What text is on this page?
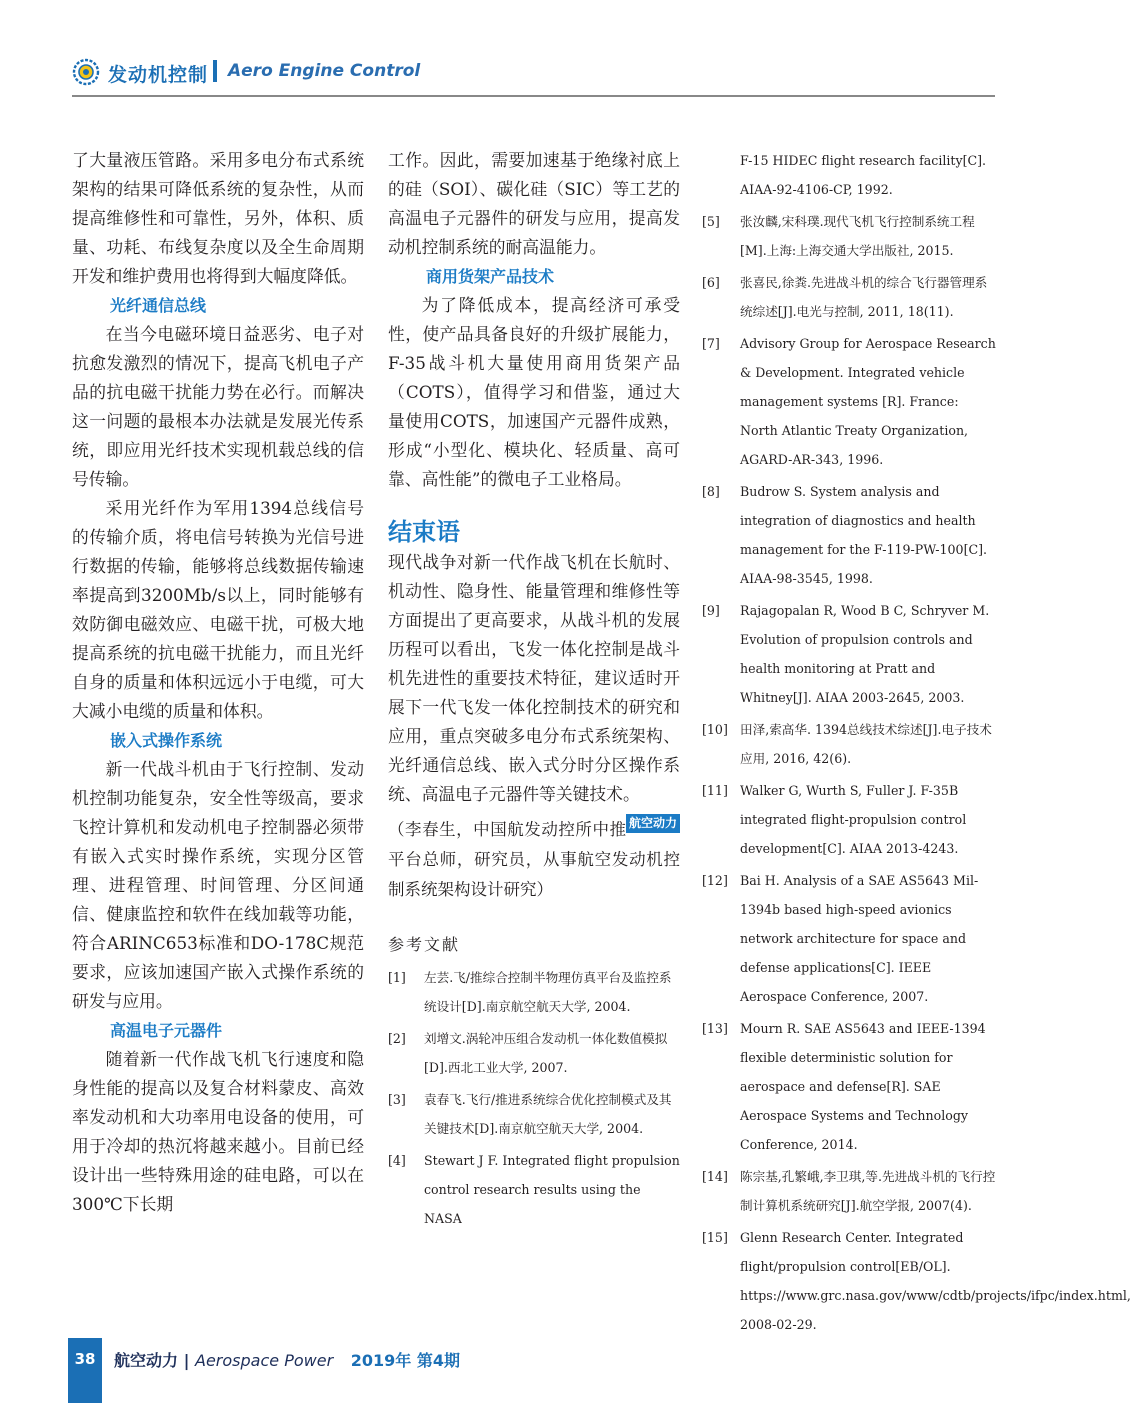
发动机控制 Aero Engine Control

了大量液压管路。采用多电分布式系统架构的结果可降低系统的复杂性，从而提高维修性和可靠性，另外，体积、质量、功耗、布线复杂度以及全生命周期开发和维护费用也将得到大幅度降低。

光纤通信总线

在当今电磁环境日益恶劣、电子对抗愈发激烈的情况下，提高飞机电子产品的抗电磁干扰能力势在必行。而解决这一问题的最根本办法就是发展光传系统，即应用光纤技术实现机载总线的信号传输。

采用光纤作为军用1394总线信号的传输介质，将电信号转换为光信号进行数据的传输，能够将总线数据传输速率提高到3200Mb/s以上，同时能够有效防御电磁效应、电磁干扰，可极大地提高系统的抗电磁干扰能力，而且光纤自身的质量和体积远远小于电缆，可大大减小电缆的质量和体积。

嵌入式操作系统

新一代战斗机由于飞行控制、发动机控制功能复杂，安全性等级高，要求飞控计算机和发动机电子控制器必须带有嵌入式实时操作系统，实现分区管理、进程管理、时间管理、分区间通信、健康监控和软件在线加载等功能，符合ARINC653标准和DO-178C规范要求，应该加速国产嵌入式操作系统的研发与应用。

高温电子元器件

随着新一代作战飞机飞行速度和隐身性能的提高以及复合材料蒙皮、高效率发动机和大功率用电设备的使用，可用于冷却的热沉将越来越小。目前已经设计出一些特殊用途的硅电路，可以在300℃下长期

工作。因此，需要加速基于绝缘衬底上的硅（SOI）、碳化硅（SIC）等工艺的高温电子元器件的研发与应用，提高发动机控制系统的耐高温能力。

商用货架产品技术

为了降低成本，提高经济可承受性，使产品具备良好的升级扩展能力，F-35战斗机大量使用商用货架产品（COTS），值得学习和借鉴，通过大量使用COTS，加速国产元器件成熟，形成“小型化、模块化、轻质量、高可靠、高性能”的微电子工业格局。

结束语

现代战争对新一代作战飞机在长航时、机动性、隐身性、能量管理和维修性等方面提出了更高要求，从战斗机的发展历程可以看出，飞发一体化控制是战斗机先进性的重要技术特征，建议适时开展下一代飞发一体化控制技术的研究和应用，重点突破多电分布式系统架构、光纤通信总线、嵌入式分时分区操作系统、高温电子元器件等关键技术。
航空动力

（李春生，中国航发动控所中推平台总师，研究员，从事航空发动机控制系统架构设计研究）

参考文献

[1] 左芸.飞/推综合控制半物理仿真平台及监控系统设计[D].南京航空航天大学, 2004.
[2] 刘增文.涡轮冲压组合发动机一体化数值模拟[D].西北工业大学, 2007.
[3] 袁春飞.飞行/推进系统综合优化控制模式及其关键技术[D].南京航空航天大学, 2004.
[4] Stewart J F. Integrated flight propulsion control research results using the NASA
F-15 HIDEC flight research facility[C]. AIAA-92-4106-CP, 1992.
[5] 张汝麟,宋科璞.现代飞机飞行控制系统工程[M].上海:上海交通大学出版社, 2015.
[6] 张喜民,徐粪.先进战斗机的综合飞行器管理系统综述[J].电光与控制, 2011, 18(11).
[7] Advisory Group for Aerospace Research & Development. Integrated vehicle management systems [R]. France: North Atlantic Treaty Organization, AGARD-AR-343, 1996.
[8] Budrow S. System analysis and integration of diagnostics and health management for the F-119-PW-100[C]. AIAA-98-3545, 1998.
[9] Rajagopalan R, Wood B C, Schryver M. Evolution of propulsion controls and health monitoring at Pratt and Whitney[J]. AIAA 2003-2645, 2003.
[10] 田泽,索高华. 1394总线技术综述[J].电子技术应用, 2016, 42(6).
[11] Walker G, Wurth S, Fuller J. F-35B integrated flight-propulsion control development[C]. AIAA 2013-4243.
[12] Bai H. Analysis of a SAE AS5643 Mil-1394b based high-speed avionics network architecture for space and defense applications[C]. IEEE Aerospace Conference, 2007.
[13] Mourn R. SAE AS5643 and IEEE-1394 flexible deterministic solution for aerospace and defense[R]. SAE Aerospace Systems and Technology Conference, 2014.
[14] 陈宗基,孔繁峨,李卫琪,等.先进战斗机的飞行控制计算机系统研究[J].航空学报, 2007(4).
[15] Glenn Research Center. Integrated flight/propulsion control[EB/OL]. https://www.grc.nasa.gov/www/cdtb/projects/ifpc/index.html, 2008-02-29.
38 航空动力 | Aerospace Power 2019年 第4期
